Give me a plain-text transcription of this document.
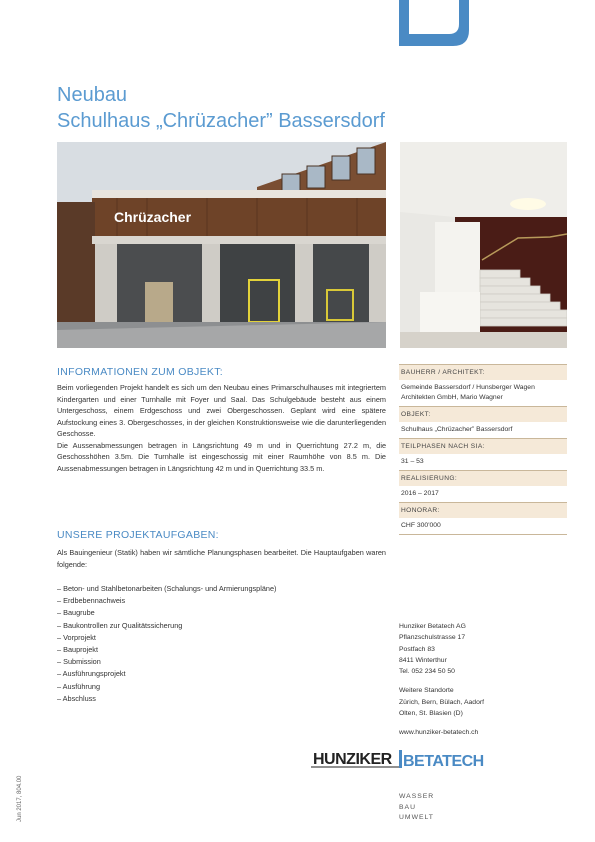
Neubau
Schulhaus „Chrüzacher” Bassersdorf
Chrüzacher
INFORMATIONEN ZUM OBJEKT:

Beim vorliegenden Projekt handelt es sich um den Neubau eines Primarschulhauses mit integriertem Kindergarten und einer Turnhalle mit Foyer und Saal. Das Schulgebäude besteht aus einem Untergeschoss, einem Erdgeschoss und zwei Obergeschossen. Geplant wird eine spätere Aufstockung eines 3. Obergeschosses, in der gleichen Konstruktionsweise wie die darunterliegenden Geschosse.

Die Aussenabmessungen betragen in Längsrichtung 49 m und in Querrichtung 27.2 m, die Geschosshöhen 3.5m. Die Turnhalle ist eingeschossig mit einer Raumhöhe von 8.5 m. Die Aussenabmessungen betragen in Längsrichtung 42 m und in Querrichtung 33.5 m.

UNSERE PROJEKTAUFGABEN:
Als Bauingenieur (Statik) haben wir sämtliche Planungsphasen bearbeitet. Die Hauptaufgaben waren folgende:
– Beton- und Stahlbetonarbeiten (Schalungs- und Armierungspläne)
– Erdbebennachweis
– Baugrube
– Baukontrollen zur Qualitätssicherung
– Vorprojekt
– Bauprojekt
– Submission
– Ausführungsprojekt
– Ausführung
– Abschluss
BAUHERR / ARCHITEKT:
Gemeinde Bassersdorf / Hunsberger Wagen Architekten GmbH, Mario Wagner
OBJEKT:
Schulhaus „Chrüzacher” Bassersdorf
TEILPHASEN NACH SIA:
31 – 53
REALISIERUNG:
2016 – 2017
HONORAR:
CHF 300'000
Hunziker Betatech AG
Pflanzschulstrasse 17
Postfach 83
8411 Winterthur
Tel. 052 234 50 50
Weitere Standorte
Zürich, Bern, Bülach, Aadorf
Olten, St. Blasien (D)
www.hunziker-betatech.ch
HUNZIKER BETATECH
WASSER
BAU
UMWELT
Jun 2017, 804.00
